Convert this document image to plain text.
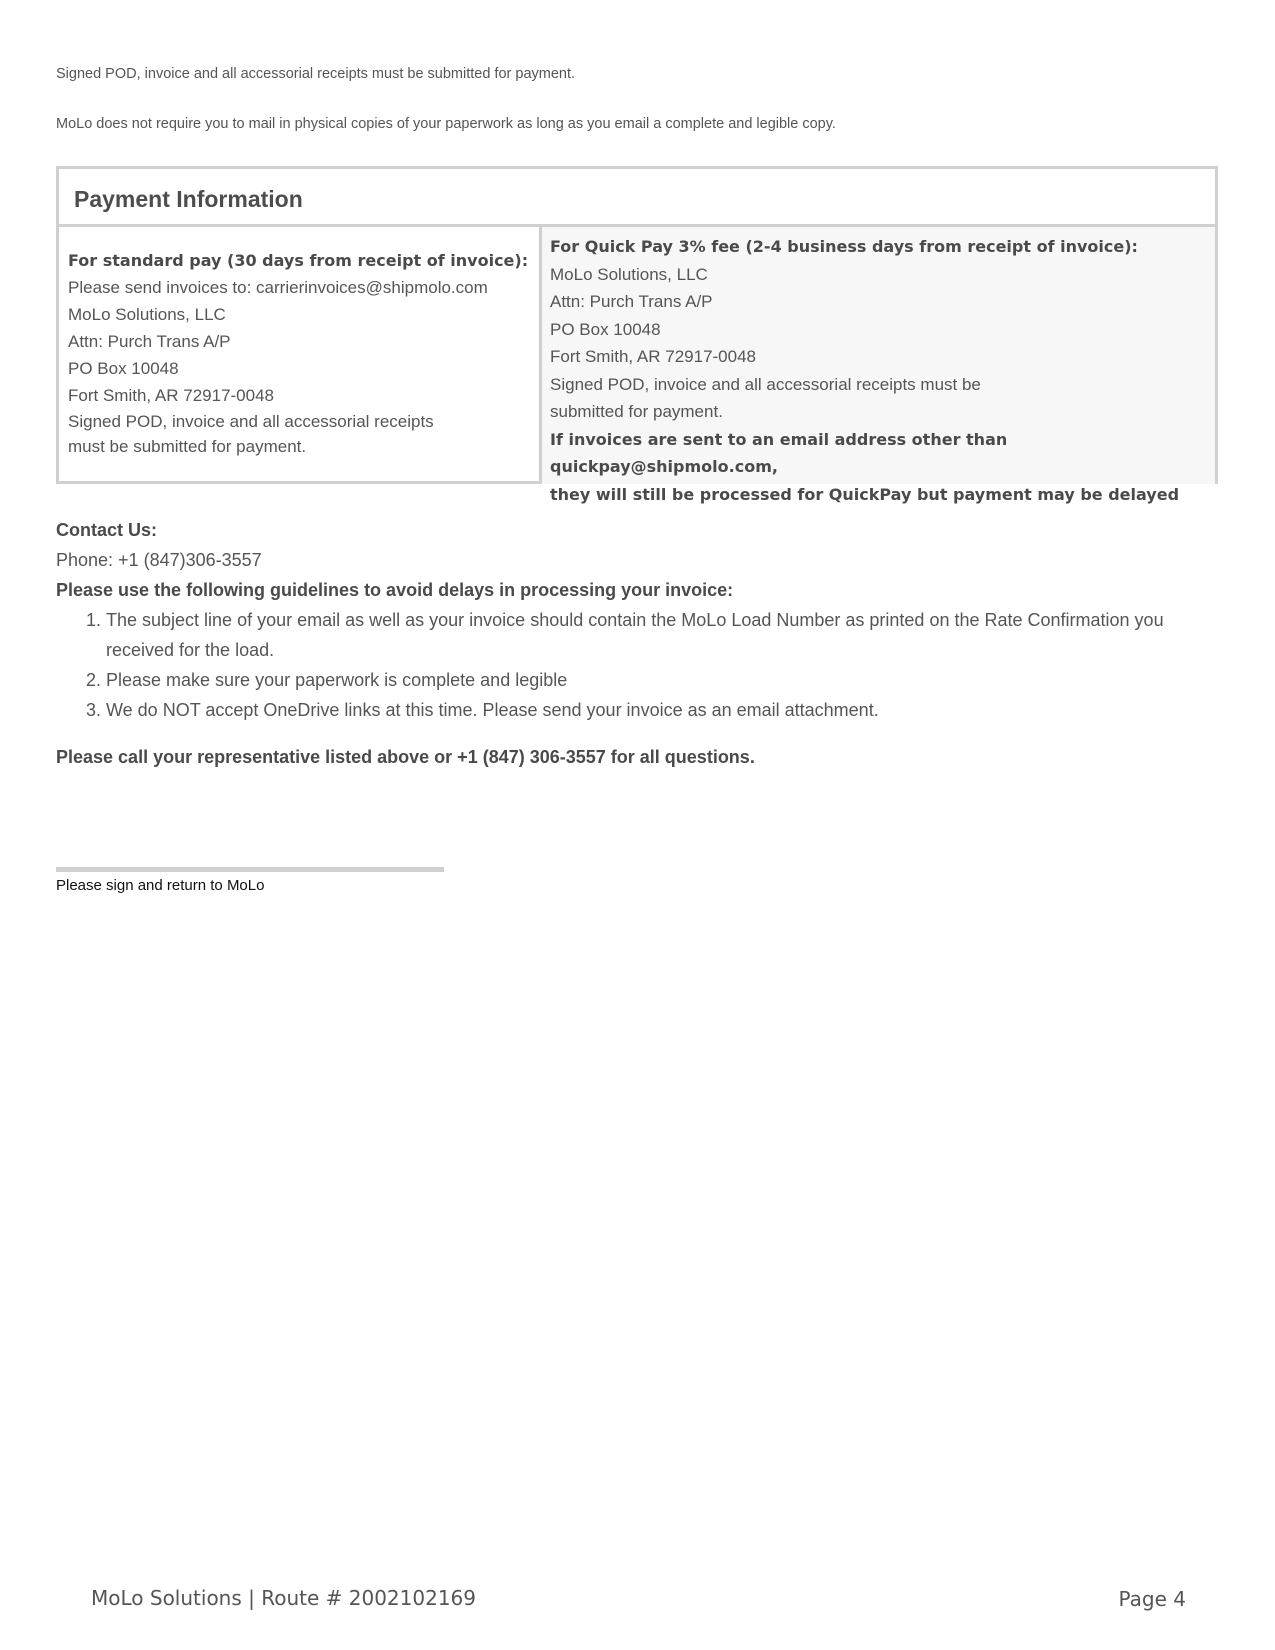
Signed POD, invoice and all accessorial receipts must be submitted for payment.

MoLo does not require you to mail in physical copies of your paperwork as long as you email a complete and legible copy.

Payment Information
For standard pay (30 days from receipt of invoice):
Please send invoices to: carrierinvoices@shipmolo.com
MoLo Solutions, LLC
Attn: Purch Trans A/P
PO Box 10048
Fort Smith, AR 72917-0048
Signed POD, invoice and all accessorial receipts
must be submitted for payment.
For Quick Pay 3% fee (2-4 business days from receipt of invoice):
MoLo Solutions, LLC
Attn: Purch Trans A/P
PO Box 10048
Fort Smith, AR 72917-0048
Signed POD, invoice and all accessorial receipts must be
submitted for payment.
If invoices are sent to an email address other than quickpay@shipmolo.com,
they will still be processed for QuickPay but payment may be delayed
Contact Us:
Phone: +1 (847)306-3557
Please use the following guidelines to avoid delays in processing your invoice:
1. The subject line of your email as well as your invoice should contain the MoLo Load Number as printed on the Rate Confirmation you received for the load.
2. Please make sure your paperwork is complete and legible
3. We do NOT accept OneDrive links at this time. Please send your invoice as an email attachment.
Please call your representative listed above or +1 (847) 306-3557 for all questions.
Please sign and return to MoLo
MoLo Solutions | Route # 2002102169	Page 4
